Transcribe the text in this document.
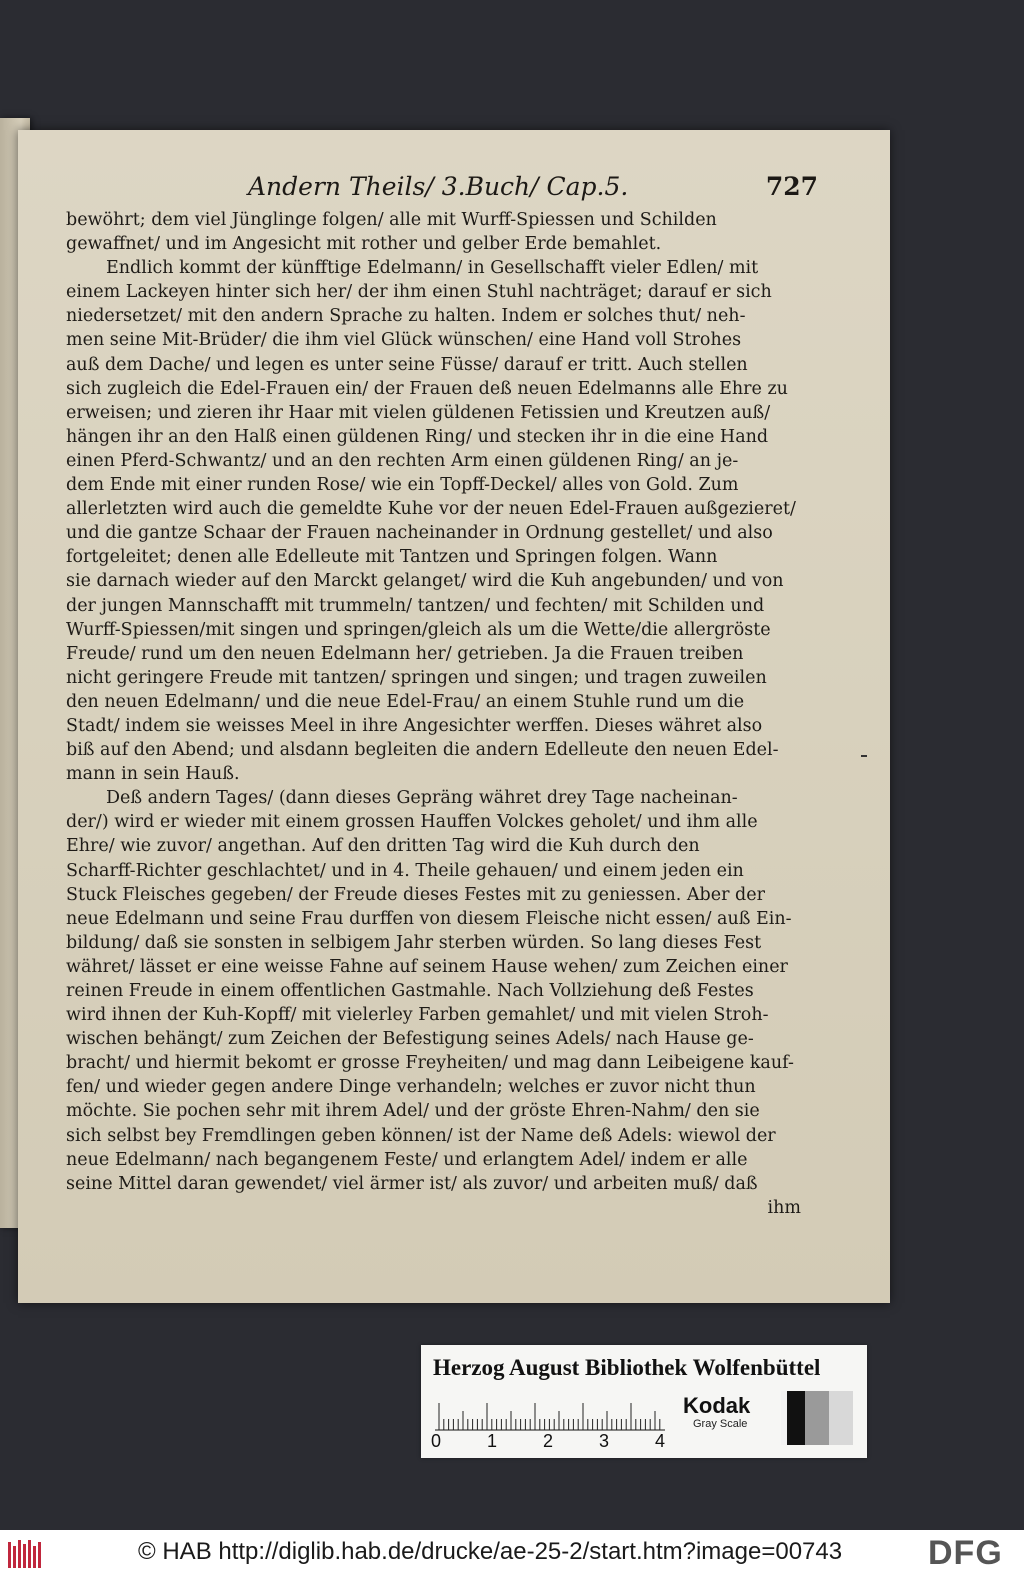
Andern Theils/ 3.Buch/ Cap.5.	727
bewöhrt; dem viel Jünglinge folgen/ alle mit Wurff-Spiessen und Schilden
gewaffnet/ und im Angesicht mit rother und gelber Erde bemahlet.
Endlich kommt der künfftige Edelmann/ in Gesellschafft vieler Edlen/ mit
einem Lackeyen hinter sich her/ der ihm einen Stuhl nachträget; darauf er sich
niedersetzet/ mit den andern Sprache zu halten. Indem er solches thut/ neh-
men seine Mit-Brüder/ die ihm viel Glück wünschen/ eine Hand voll Strohes
auß dem Dache/ und legen es unter seine Füsse/ darauf er tritt. Auch stellen
sich zugleich die Edel-Frauen ein/ der Frauen deß neuen Edelmanns alle Ehre zu
erweisen; und zieren ihr Haar mit vielen güldenen Fetissien und Kreutzen auß/
hängen ihr an den Halß einen güldenen Ring/ und stecken ihr in die eine Hand
einen Pferd-Schwantz/ und an den rechten Arm einen güldenen Ring/ an je-
dem Ende mit einer runden Rose/ wie ein Topff-Deckel/ alles von Gold. Zum
allerletzten wird auch die gemeldte Kuhe vor der neuen Edel-Frauen außgezieret/
und die gantze Schaar der Frauen nacheinander in Ordnung gestellet/ und also
fortgeleitet; denen alle Edelleute mit Tantzen und Springen folgen. Wann
sie darnach wieder auf den Marckt gelanget/ wird die Kuh angebunden/ und von
der jungen Mannschafft mit trummeln/ tantzen/ und fechten/ mit Schilden und
Wurff-Spiessen/mit singen und springen/gleich als um die Wette/die allergröste
Freude/ rund um den neuen Edelmann her/ getrieben. Ja die Frauen treiben
nicht geringere Freude mit tantzen/ springen und singen; und tragen zuweilen
den neuen Edelmann/ und die neue Edel-Frau/ an einem Stuhle rund um die
Stadt/ indem sie weisses Meel in ihre Angesichter werffen. Dieses währet also
biß auf den Abend; und alsdann begleiten die andern Edelleute den neuen Edel-
mann in sein Hauß.
Deß andern Tages/ (dann dieses Gepräng währet drey Tage nacheinan-
der/) wird er wieder mit einem grossen Hauffen Volckes geholet/ und ihm alle
Ehre/ wie zuvor/ angethan. Auf den dritten Tag wird die Kuh durch den
Scharff-Richter geschlachtet/ und in 4. Theile gehauen/ und einem jeden ein
Stuck Fleisches gegeben/ der Freude dieses Festes mit zu geniessen. Aber der
neue Edelmann und seine Frau durffen von diesem Fleische nicht essen/ auß Ein-
bildung/ daß sie sonsten in selbigem Jahr sterben würden. So lang dieses Fest
währet/ lässet er eine weisse Fahne auf seinem Hause wehen/ zum Zeichen einer
reinen Freude in einem offentlichen Gastmahle. Nach Vollziehung deß Festes
wird ihnen der Kuh-Kopff/ mit vielerley Farben gemahlet/ und mit vielen Stroh-
wischen behängt/ zum Zeichen der Befestigung seines Adels/ nach Hause ge-
bracht/ und hiermit bekomt er grosse Freyheiten/ und mag dann Leibeigene kauf-
fen/ und wieder gegen andere Dinge verhandeln; welches er zuvor nicht thun
möchte. Sie pochen sehr mit ihrem Adel/ und der gröste Ehren-Nahm/ den sie
sich selbst bey Fremdlingen geben können/ ist der Name deß Adels: wiewol der
neue Edelmann/ nach begangenem Feste/ und erlangtem Adel/ indem er alle
seine Mittel daran gewendet/ viel ärmer ist/ als zuvor/ und arbeiten muß/ daß
ihm
Herzog August Bibliothek Wolfenbüttel
0	1	2	3	4
Kodak
Gray Scale
© HAB http://diglib.hab.de/drucke/ae-25-2/start.htm?image=00743	DFG
